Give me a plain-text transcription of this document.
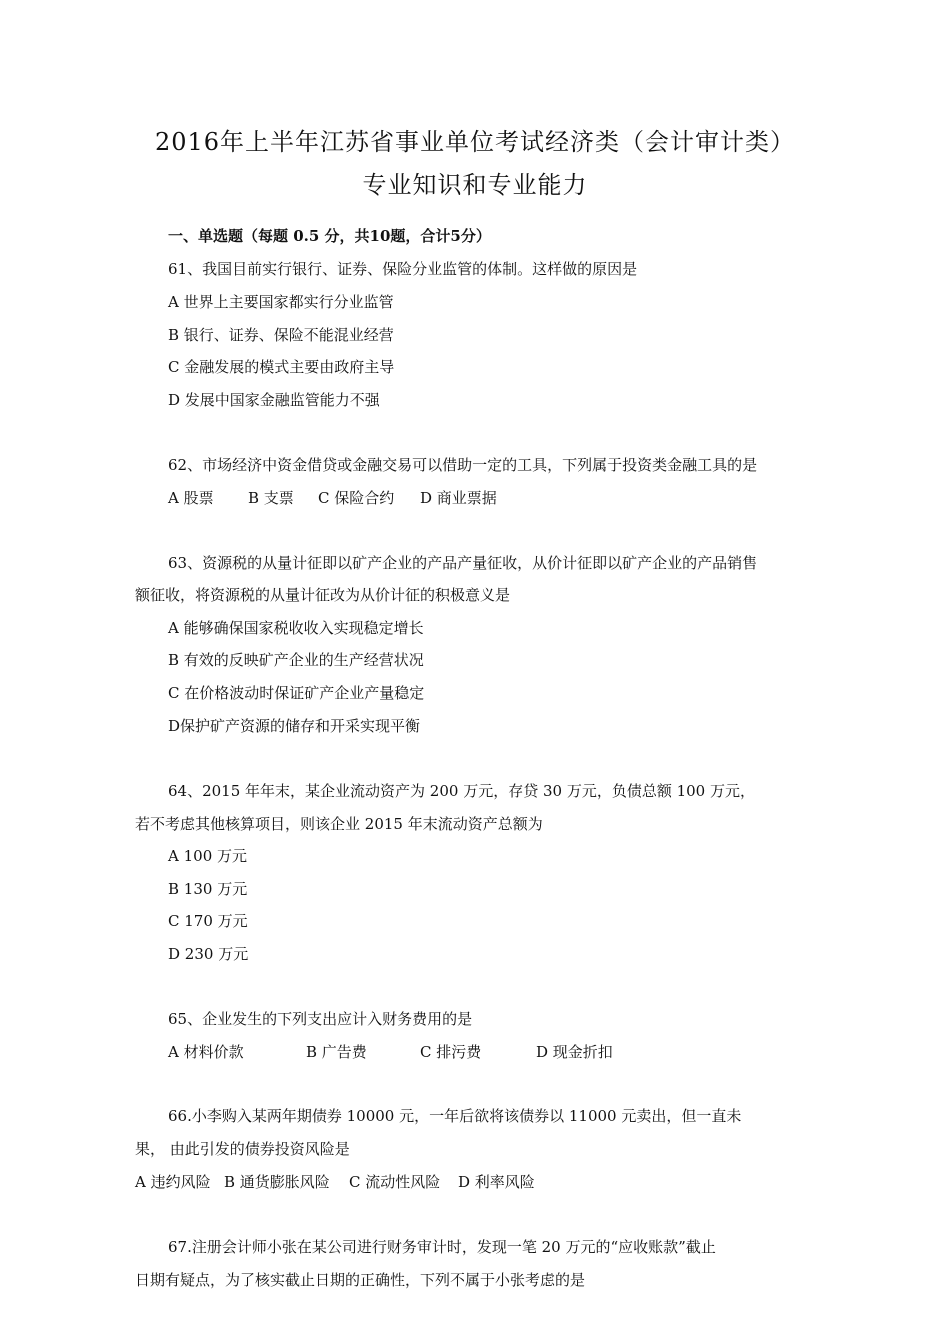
2016年上半年江苏省事业单位考试经济类（会计审计类）
专业知识和专业能力
一、单选题（每题 0.5 分，共10题，合计5分）
61、我国目前实行银行、证券、保险分业监管的体制。这样做的原因是
A 世界上主要国家都实行分业监管
B 银行、证券、保险不能混业经营
C 金融发展的模式主要由政府主导
D 发展中国家金融监管能力不强
62、市场经济中资金借贷或金融交易可以借助一定的工具，下列属于投资类金融工具的是
A 股票 B 支票 C 保险合约 D 商业票据
63、资源税的从量计征即以矿产企业的产品产量征收，从价计征即以矿产企业的产品销售
额征收，将资源税的从量计征改为从价计征的积极意义是
A 能够确保国家税收收入实现稳定增长
B 有效的反映矿产企业的生产经营状况
C 在价格波动时保证矿产企业产量稳定
D保护矿产资源的储存和开采实现平衡
64、2015 年年末，某企业流动资产为 200 万元，存贷 30 万元，负债总额 100 万元，
若不考虑其他核算项目，则该企业 2015 年末流动资产总额为
A 100 万元
B 130 万元
C 170 万元
D 230 万元
65、企业发生的下列支出应计入财务费用的是
A 材料价款	B 广告费	C 排污费	D 现金折扣
66.小李购入某两年期债券 10000 元，一年后欲将该债券以 11000 元卖出，但一直未
果， 由此引发的债券投资风险是
A 违约风险 B 通货膨胀风险 C 流动性风险 D 利率风险
67.注册会计师小张在某公司进行财务审计时，发现一笔 20 万元的“应收账款”截止
日期有疑点，为了核实截止日期的正确性，下列不属于小张考虑的是
